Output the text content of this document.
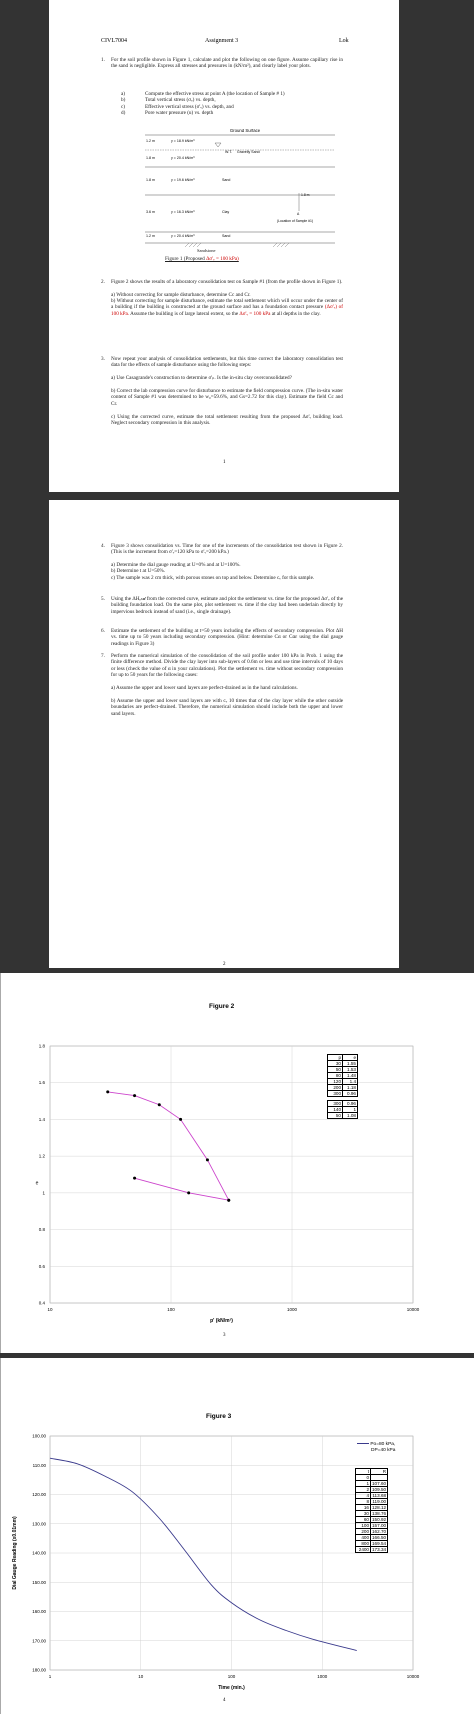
CIVL7004	Assignment 3	Lok
1. For the soil profile shown in Figure 1, calculate and plot the following on one figure. Assume capillary rise in the sand is negligible. Express all stresses and pressures in (kN/m²), and clearly label your plots.
a)	Compute the effective stress at point A (the location of Sample # 1)
b)	Total vertical stress (σᵥ) vs. depth,
c)	Effective vertical stress (σ'ᵥ) vs. depth, and
d)	Pore water pressure (u) vs. depth
Ground Surface
W.T.
1.2 m	γ = 18.9 kN/m³
Gravelly Sand
1.8 m	γ = 20.4 kN/m³
1.8 m	γ = 19.6 kN/m³	Sand
3.6 m	γ = 16.3 kN/m³	Clay
1.2 m	γ = 20.4 kN/m³	Sand
1.8 m
A
(Location of Sample #1)
Sandstone
Figure 1 (Proposed Δσ'ᵥ = 100 kPa)
2. Figure 2 shows the results of a laboratory consolidation test on Sample #1 (from the profile shown in Figure 1).
a) Without correcting for sample disturbance, determine Cc and Cr.
b) Without correcting for sample disturbance, estimate the total settlement which will occur under the center of a building if the building is constructed at the ground surface and has a foundation contact pressure (Δσ'ᵥ) of 100 kPa. Assume the building is of large lateral extent, so the Δσ'ᵥ = 100 kPa at all depths in the clay.
3. Now repeat your analysis of consolidation settlements, but this time correct the laboratory consolidation test data for the effects of sample disturbance using the following steps:
a) Use Casagrande's construction to determine σ'ₚ. Is the in-situ clay overconsolidated?
b) Correct the lab compression curve for disturbance to estimate the field compression curve. (The in-situ water content of Sample #1 was determined to be w₀=59.6%, and Gs=2.72 for this clay). Estimate the field Cc and Cr.
c) Using the corrected curve, estimate the total settlement resulting from the proposed Δσ'ᵥ building load. Neglect secondary compression in this analysis.
1
4. Figure 3 shows consolidation vs. Time for one of the increments of the consolidation test shown in Figure 2. (This is the increment from σ'ᵥ=120 kPa to σ'ᵥ=200 kPa.)
a) Determine the dial gauge reading at U=0% and at U=100%.
b) Determine t at U=50%.
c) The sample was 2 cm thick, with porous stones on top and below. Determine cᵥ for this sample.
5. Using the ΔHₑₙ𝒹 from the corrected curve, estimate and plot the settlement vs. time for the proposed Δσ'ᵥ of the building foundation load. On the same plot, plot settlement vs. time if the clay had been underlain directly by impervious bedrock instead of sand (i.e., single drainage).
6. Estimate the settlement of the building at t=50 years including the effects of secondary compression. Plot ΔH vs. time up to 50 years including secondary compression. (Hint: determine Cα or Cαε using the dial gauge readings in Figure 3)
7. Perform the numerical simulation of the consolidation of the soil profile under 100 kPa in Prob. 1 using the finite difference method. Divide the clay layer into sub-layers of 0.6m or less and use time intervals of 10 days or less (check the value of α in your calculations). Plot the settlement vs. time without secondary compression for up to 50 years for the following cases:
a) Assume the upper and lower sand layers are perfect-drained as in the hand calculations.
b) Assume the upper and lower sand layers are with cᵥ 10 times that of the clay layer while the other outside boundaries are perfect-drained. Therefore, the numerical simulation should include both the upper and lower sand layers.
2
Figure 2
0.4
0.6
0.8
1
1.2
1.4
1.6
1.8
10	100	1000	10000
p' (kN/m²)
e
p	e
30	1.55
50	1.53
80	1.48
120	1.4
200	1.18
300	0.96

300	0.96
140	1
50	1.08
3
Figure 3
100.00
110.00
120.00
130.00
140.00
150.00
160.00
170.00
180.00
1	10	100	1000	10000
Time (min.)
Dial Gauge Reading (x0.01mm)
Po=80 kPa,
DP=40 kPa
t	R
0	
1	107.60
2	109.50
4	113.68
8	119.00
16	128.12
30	138.76
60	150.92
100	157.00
200	162.70
400	166.50
800	169.54
2400	173.34
4
